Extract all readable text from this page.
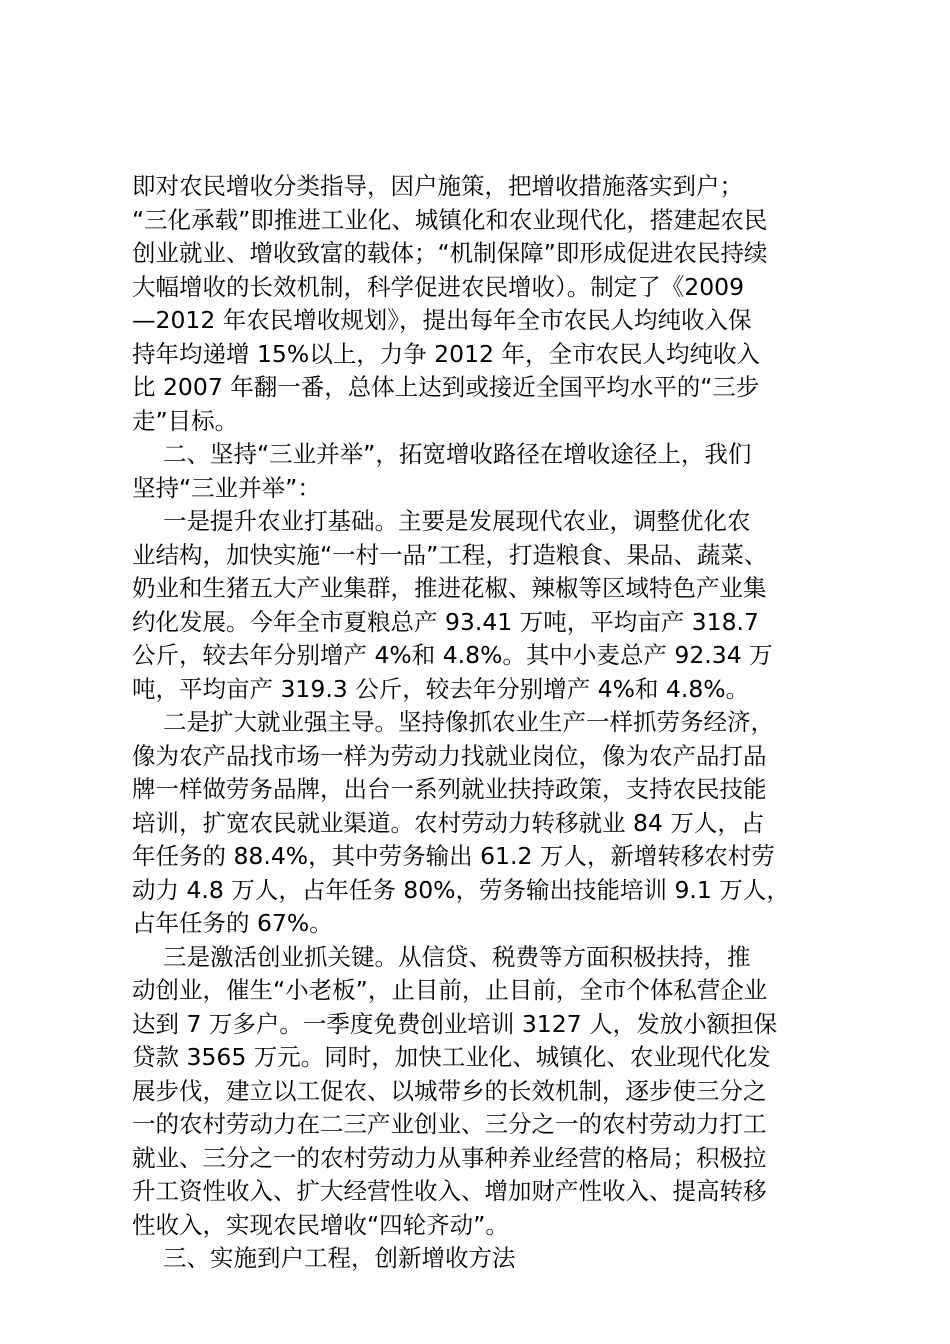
即对农民增收分类指导，因户施策，把增收措施落实到户；
“三化承载”即推进工业化、城镇化和农业现代化，搭建起农民
创业就业、增收致富的载体；“机制保障”即形成促进农民持续
大幅增收的长效机制，科学促进农民增收）。制定了《2009
—2012 年农民增收规划》，提出每年全市农民人均纯收入保
持年均递增 15%以上，力争 2012 年，全市农民人均纯收入
比 2007 年翻一番，总体上达到或接近全国平均水平的“三步
走”目标。
二、坚持“三业并举”，拓宽增收路径在增收途径上，我们
坚持“三业并举”：
一是提升农业打基础。主要是发展现代农业，调整优化农
业结构，加快实施“一村一品”工程，打造粮食、果品、蔬菜、
奶业和生猪五大产业集群，推进花椒、辣椒等区域特色产业集
约化发展。今年全市夏粮总产 93.41 万吨，平均亩产 318.7
公斤，较去年分别增产 4%和 4.8%。其中小麦总产 92.34 万
吨，平均亩产 319.3 公斤，较去年分别增产 4%和 4.8%。
二是扩大就业强主导。坚持像抓农业生产一样抓劳务经济，
像为农产品找市场一样为劳动力找就业岗位，像为农产品打品
牌一样做劳务品牌，出台一系列就业扶持政策，支持农民技能
培训，扩宽农民就业渠道。农村劳动力转移就业 84 万人，占
年任务的 88.4%，其中劳务输出 61.2 万人，新增转移农村劳
动力 4.8 万人，占年任务 80%，劳务输出技能培训 9.1 万人，
占年任务的 67%。
三是激活创业抓关键。从信贷、税费等方面积极扶持，推
动创业，催生“小老板”，止目前，止目前，全市个体私营企业
达到 7 万多户。一季度免费创业培训 3127 人，发放小额担保
贷款 3565 万元。同时，加快工业化、城镇化、农业现代化发
展步伐，建立以工促农、以城带乡的长效机制，逐步使三分之
一的农村劳动力在二三产业创业、三分之一的农村劳动力打工
就业、三分之一的农村劳动力从事种养业经营的格局；积极拉
升工资性收入、扩大经营性收入、增加财产性收入、提高转移
性收入，实现农民增收“四轮齐动”。
三、实施到户工程，创新增收方法
